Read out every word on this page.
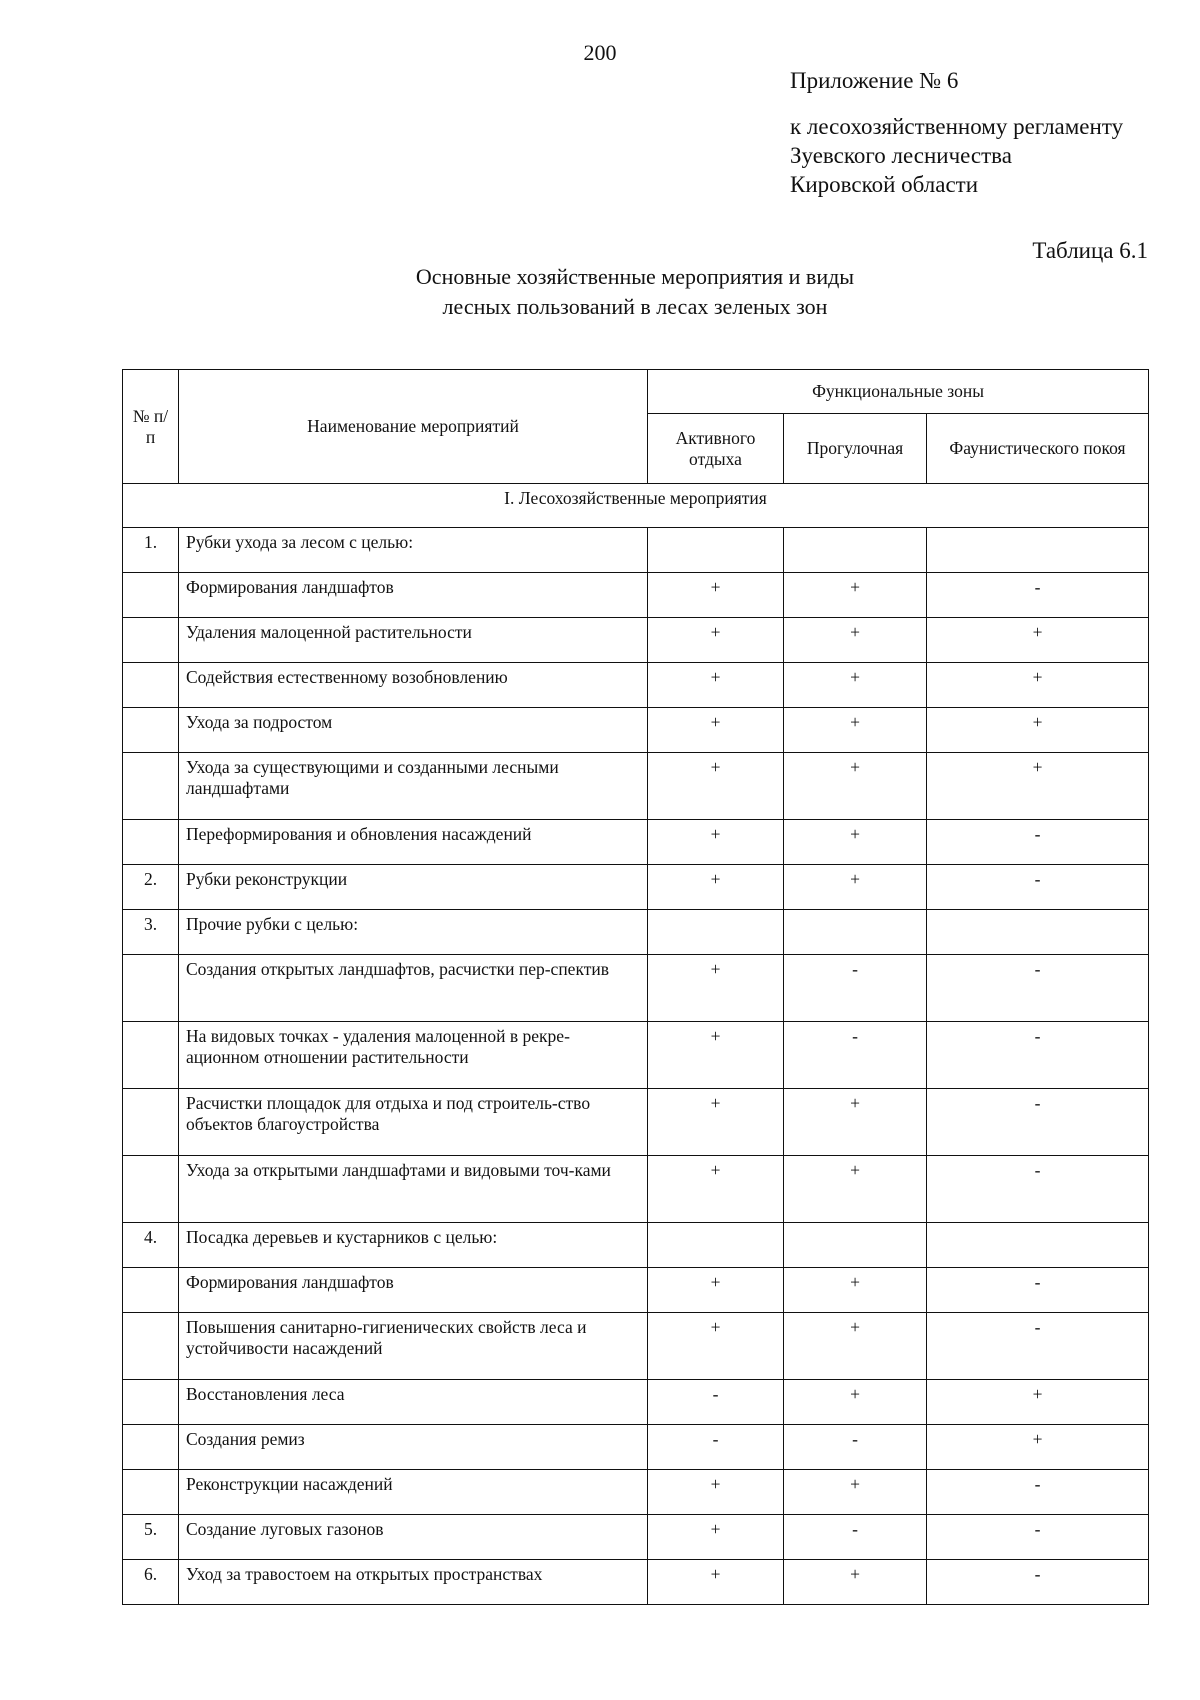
200
Приложение № 6
к лесохозяйственному регламенту
Зуевского лесничества
Кировской области
Таблица 6.1
Основные хозяйственные мероприятия и виды
лесных пользований в лесах зеленых зон
№ п/п	Наименование мероприятий	Функциональные зоны		
		Активного отдыха	Прогулочная	Фаунистического покоя
I. Лесохозяйственные мероприятия				
1.	Рубки ухода за лесом с целью:			
	Формирования ландшафтов	+	+	-
	Удаления малоценной растительности	+	+	+
	Содействия естественному возобновлению	+	+	+
	Ухода за подростом	+	+	+
	Ухода за существующими и созданными лесными ландшафтами	+	+	+
	Переформирования и обновления насаждений	+	+	-
2.	Рубки реконструкции	+	+	-
3.	Прочие рубки с целью:			
	Создания открытых ландшафтов, расчистки пер-спектив	+	-	-
	На видовых точках - удаления малоценной в рекре-ационном отношении растительности	+	-	-
	Расчистки площадок для отдыха и под строитель-ство объектов благоустройства	+	+	-
	Ухода за открытыми ландшафтами и видовыми точ-ками	+	+	-
4.	Посадка деревьев и кустарников с целью:			
	Формирования ландшафтов	+	+	-
	Повышения санитарно-гигиенических свойств леса и устойчивости насаждений	+	+	-
	Восстановления леса	-	+	+
	Создания ремиз	-	-	+
	Реконструкции насаждений	+	+	-
5.	Создание луговых газонов	+	-	-
6.	Уход за травостоем на открытых пространствах	+	+	-
